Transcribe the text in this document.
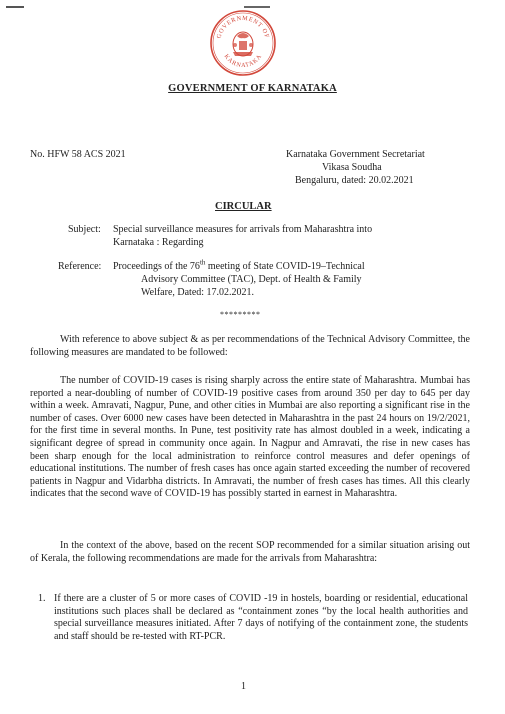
GOVERNMENT OF
KARNATAKA
GOVERNMENT OF KARNATAKA
No. HFW 58 ACS 2021	Karnataka Government Secretariat
Vikasa Soudha
Bengaluru, dated: 20.02.2021
CIRCULAR
Subject: Special surveillance measures for arrivals from Maharashtra into
Karnataka : Regarding
Reference: Proceedings of the 76th meeting of State COVID-19–Technical
Advisory Committee (TAC), Dept. of Health & Family
Welfare, Dated: 17.02.2021.
*********
With reference to above subject & as per recommendations of the Technical Advisory Committee, the following measures are mandated to be followed:
The number of COVID-19 cases is rising sharply across the entire state of Maharashtra. Mumbai has reported a near-doubling of number of COVID-19 positive cases from around 350 per day to 645 per day within a week. Amravati, Nagpur, Pune, and other cities in Mumbai are also reporting a significant rise in the number of cases. Over 6000 new cases have been detected in Maharashtra in the past 24 hours on 19/2/2021, for the first time in several months. In Pune, test positivity rate has almost doubled in a week, indicating a significant degree of spread in community once again. In Nagpur and Amravati, the rise in new cases has been sharp enough for the local administration to reinforce control measures and defer openings of educational institutions. The number of fresh cases has once again started exceeding the number of recovered patients in Nagpur and Vidarbha districts. In Amravati, the number of fresh cases has times. All this clearly indicates that the second wave of COVID-19 has possibly started in earnest in Maharashtra.
In the context of the above, based on the recent SOP recommended for a similar situation arising out of Kerala, the following recommendations are made for the arrivals from Maharashtra:
1. If there are a cluster of 5 or more cases of COVID -19 in hostels, boarding or residential, educational institutions such places shall be declared as “containment zones “by the local health authorities and special surveillance measures initiated. After 7 days of notifying of the containment zone, the students and staff should be re-tested with RT-PCR.
1
